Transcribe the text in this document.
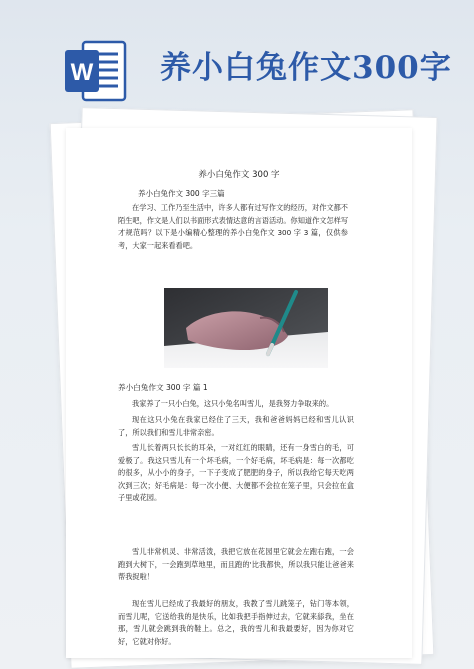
W 养小白兔作文300字
养小白兔作文 300 字
养小白兔作文 300 字三篇
在学习、工作乃至生活中，许多人都有过写作文的经历，对作文都不陌生吧，作文是人们以书面形式表情达意的言语活动。你知道作文怎样写才规范吗？以下是小编精心整理的养小白兔作文 300 字 3 篇，仅供参考，大家一起来看看吧。
养小白兔作文 300 字 篇 1
我家养了一只小白兔，这只小兔名叫雪儿，是我努力争取来的。
现在这只小兔在我家已经住了三天，我和爸爸妈妈已经和雪儿认识了，所以我们和雪儿非常亲密。
雪儿长着两只长长的耳朵，一对红红的眼睛，还有一身雪白的毛，可爱极了。我这只雪儿有一个坏毛病，一个好毛病，坏毛病是：每一次都吃的很多，从小小的身子，一下子变成了肥肥的身子，所以我给它每天吃两次到三次；好毛病是：每一次小便、大便都不会拉在笼子里，只会拉在盒子里或花园。
雪儿非常机灵、非常活泼，我把它放在花园里它就会左跑右跑，一会跑到大树下，一会跑到草地里，而且跑的'比我都快，所以我只能让爸爸来帮我捉啦！
现在雪儿已经成了我最好的朋友，我教了雪儿跳笼子，钻门等本领，而雪儿呢，它送给我的是快乐，比如我把手指伸过去，它就来舔我，坐在那，雪儿就会跳到我的鞋上。总之，我的雪儿和我最要好，因为你对它好，它就对你好。
